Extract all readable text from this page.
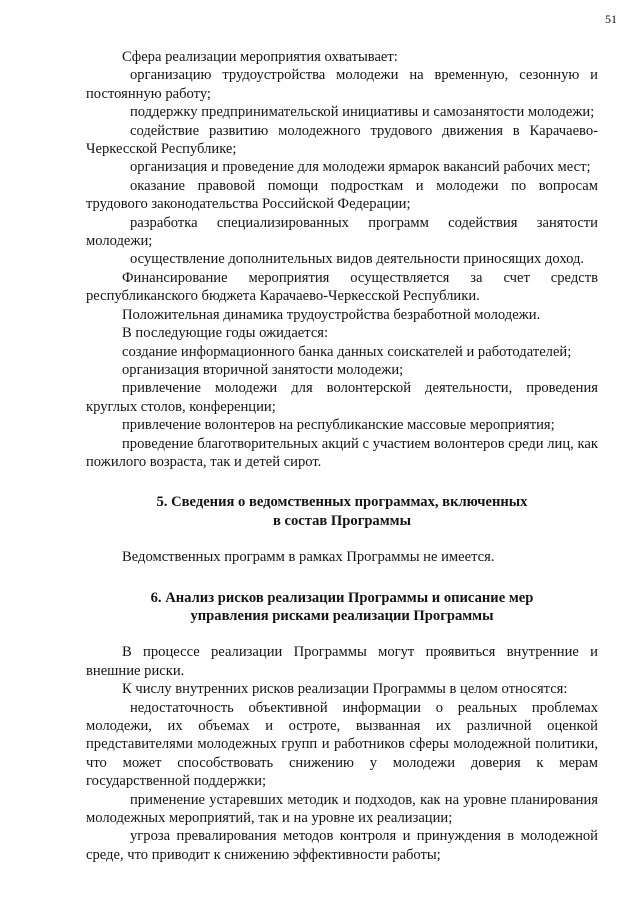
51

Сфера реализации мероприятия охватывает:

организацию трудоустройства молодежи на временную, сезонную и постоянную работу;

поддержку предпринимательской инициативы и самозанятости молодежи;

содействие развитию молодежного трудового движения в Карачаево-Черкесской Республике;

организация и проведение для молодежи ярмарок вакансий рабочих мест;

оказание правовой помощи подросткам и молодежи по вопросам трудового законодательства Российской Федерации;

разработка специализированных программ содействия занятости молодежи;

осуществление дополнительных видов деятельности приносящих доход.

Финансирование мероприятия осуществляется за счет средств республиканского бюджета Карачаево-Черкесской Республики.

Положительная динамика трудоустройства безработной молодежи.

В последующие годы ожидается:

создание информационного банка данных соискателей и работодателей;

организация вторичной занятости молодежи;

привлечение молодежи для волонтерской деятельности, проведения круглых столов, конференции;

привлечение волонтеров на республиканские массовые мероприятия;

проведение благотворительных акций с участием волонтеров среди лиц, как пожилого возраста, так и детей сирот.

5. Сведения о ведомственных программах, включенных

в состав Программы

Ведомственных программ в рамках Программы не имеется.

6. Анализ рисков реализации Программы и описание мер

управления рисками реализации Программы

В процессе реализации Программы могут проявиться внутренние и внешние риски.

К числу внутренних рисков реализации Программы в целом относятся:

недостаточность объективной информации о реальных проблемах молодежи, их объемах и остроте, вызванная их различной оценкой представителями молодежных групп и работников сферы молодежной политики, что может способствовать снижению у молодежи доверия к мерам государственной поддержки;

применение устаревших методик и подходов, как на уровне планирования молодежных мероприятий, так и на уровне их реализации;

угроза превалирования методов контроля и принуждения в молодежной среде, что приводит к снижению эффективности работы;
